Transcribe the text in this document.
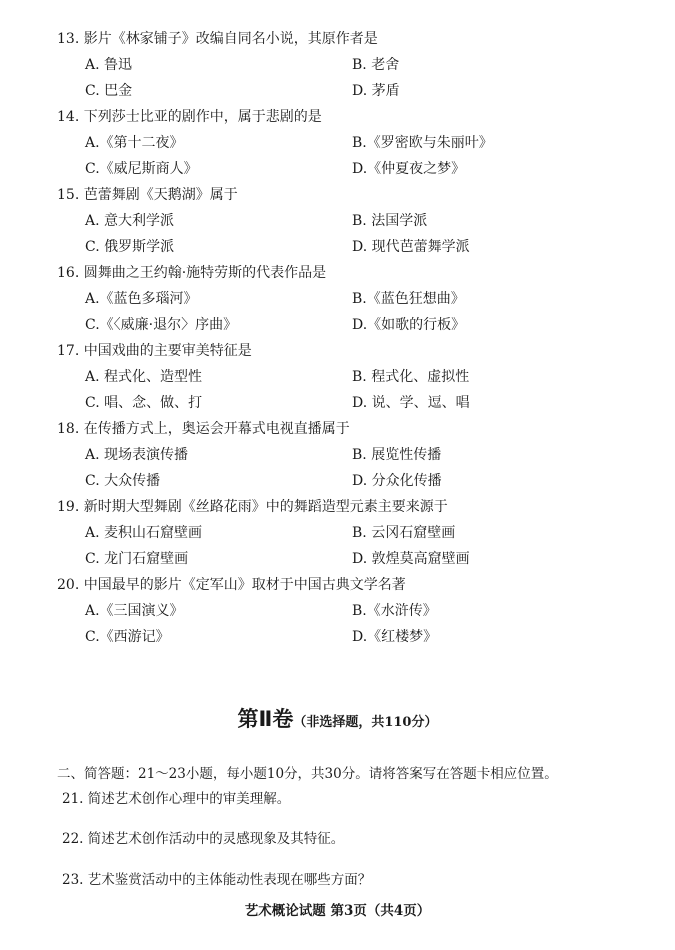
13. 影片《林家铺子》改编自同名小说，其原作者是
A. 鲁迅	B. 老舍
C. 巴金	D. 茅盾
14. 下列莎士比亚的剧作中，属于悲剧的是
A.《第十二夜》	B.《罗密欧与朱丽叶》
C.《威尼斯商人》	D.《仲夏夜之梦》
15. 芭蕾舞剧《天鹅湖》属于
A. 意大利学派	B. 法国学派
C. 俄罗斯学派	D. 现代芭蕾舞学派
16. 圆舞曲之王约翰·施特劳斯的代表作品是
A.《蓝色多瑙河》	B.《蓝色狂想曲》
C.《〈威廉·退尔〉序曲》	D.《如歌的行板》
17. 中国戏曲的主要审美特征是
A. 程式化、造型性	B. 程式化、虚拟性
C. 唱、念、做、打	D. 说、学、逗、唱
18. 在传播方式上，奥运会开幕式电视直播属于
A. 现场表演传播	B. 展览性传播
C. 大众传播	D. 分众化传播
19. 新时期大型舞剧《丝路花雨》中的舞蹈造型元素主要来源于
A. 麦积山石窟壁画	B. 云冈石窟壁画
C. 龙门石窟壁画	D. 敦煌莫高窟壁画
20. 中国最早的影片《定军山》取材于中国古典文学名著
A.《三国演义》	B.《水浒传》
C.《西游记》	D.《红楼梦》
第Ⅱ卷（非选择题，共110分）
二、简答题：21～23小题，每小题10分，共30分。请将答案写在答题卡相应位置。
21. 简述艺术创作心理中的审美理解。
22. 简述艺术创作活动中的灵感现象及其特征。
23. 艺术鉴赏活动中的主体能动性表现在哪些方面？
艺术概论试题 第3页（共4页）
